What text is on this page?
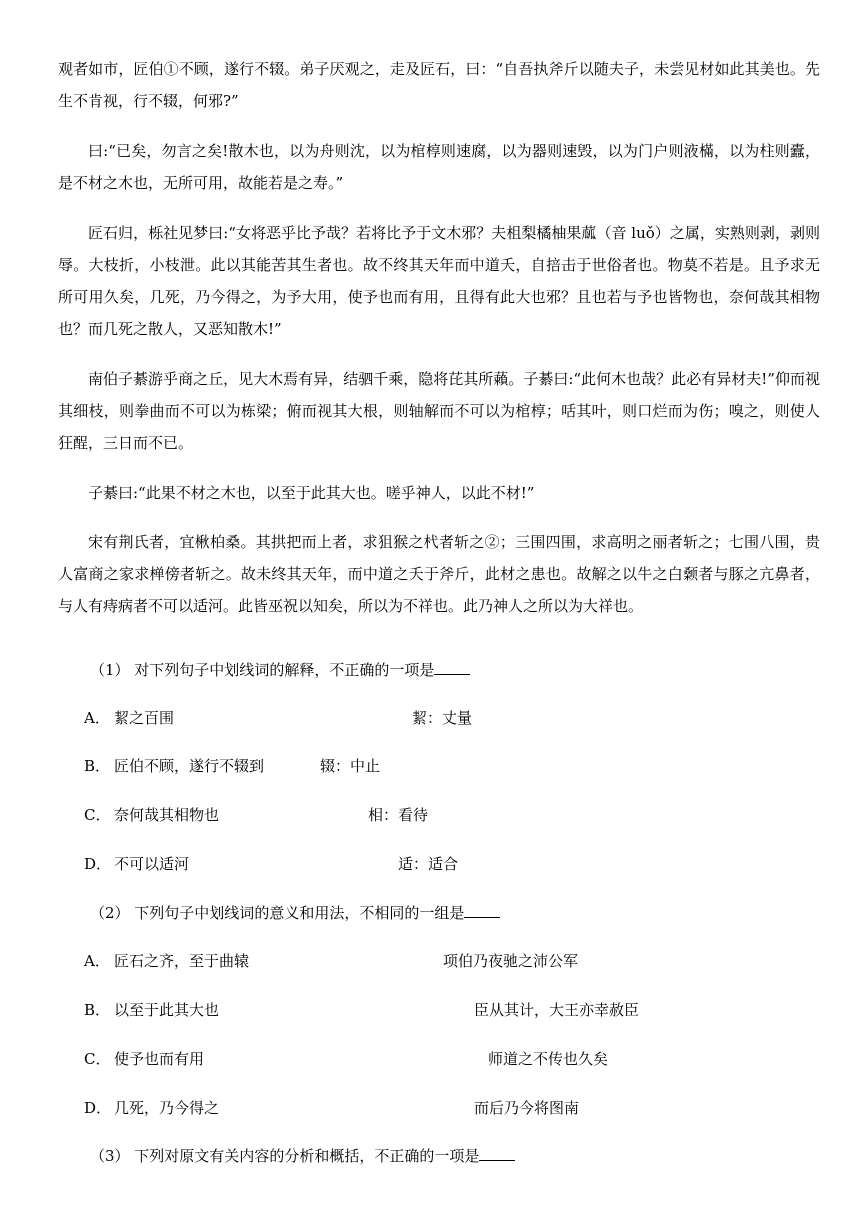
观者如市，匠伯①不顾，遂行不辍。弟子厌观之，走及匠石，曰：“自吾执斧斤以随夫子，未尝见材如此其美也。先生不肯视，行不辍，何邪?”

曰:“已矣，勿言之矣!散木也，以为舟则沈，以为棺椁则速腐，以为器则速毁，以为门户则液樠，以为柱则蠹，是不材之木也，无所可用，故能若是之寿。”

匠石归，栎社见梦曰:“女将恶乎比予哉？若将比予于文木邪？夫柤梨橘柚果蓏（音 luǒ）之属，实熟则剥，剥则辱。大枝折，小枝泄。此以其能苦其生者也。故不终其天年而中道夭，自掊击于世俗者也。物莫不若是。且予求无所可用久矣，几死，乃今得之，为予大用，使予也而有用，且得有此大也邪？且也若与予也皆物也，奈何哉其相物也？而几死之散人，又恶知散木!”

南伯子綦游乎商之丘，见大木焉有异，结驷千乘，隐将芘其所藾。子綦曰:“此何木也哉？此必有异材夫!”仰而视其细枝，则拳曲而不可以为栋梁；俯而视其大根，则轴解而不可以为棺椁；咶其叶，则口烂而为伤；嗅之，则使人狂酲，三日而不已。

子綦曰:“此果不材之木也，以至于此其大也。嗟乎神人，以此不材!”

宋有荆氏者，宜楸柏桑。其拱把而上者，求狙猴之杙者斩之②；三围四围，求高明之丽者斩之；七围八围，贵人富商之家求椫傍者斩之。故未终其天年，而中道之夭于斧斤，此材之患也。故解之以牛之白颡者与豚之亢鼻者，与人有痔病者不可以适河。此皆巫祝以知矣，所以为不祥也。此乃神人之所以为大祥也。

（1） 对下列句子中划线词的解释，不正确的一项是
A． 絜之百围	絜：丈量
B． 匠伯不顾，遂行不辍到	辍：中止
C． 奈何哉其相物也	相：看待
D． 不可以适河	适：适合
（2） 下列句子中划线词的意义和用法，不相同的一组是
A． 匠石之齐，至于曲辕	项伯乃夜驰之沛公军
B． 以至于此其大也	臣从其计，大王亦幸赦臣
C． 使予也而有用	师道之不传也久矣
D． 几死，乃今得之	而后乃今将图南
（3） 下列对原文有关内容的分析和概括，不正确的一项是
